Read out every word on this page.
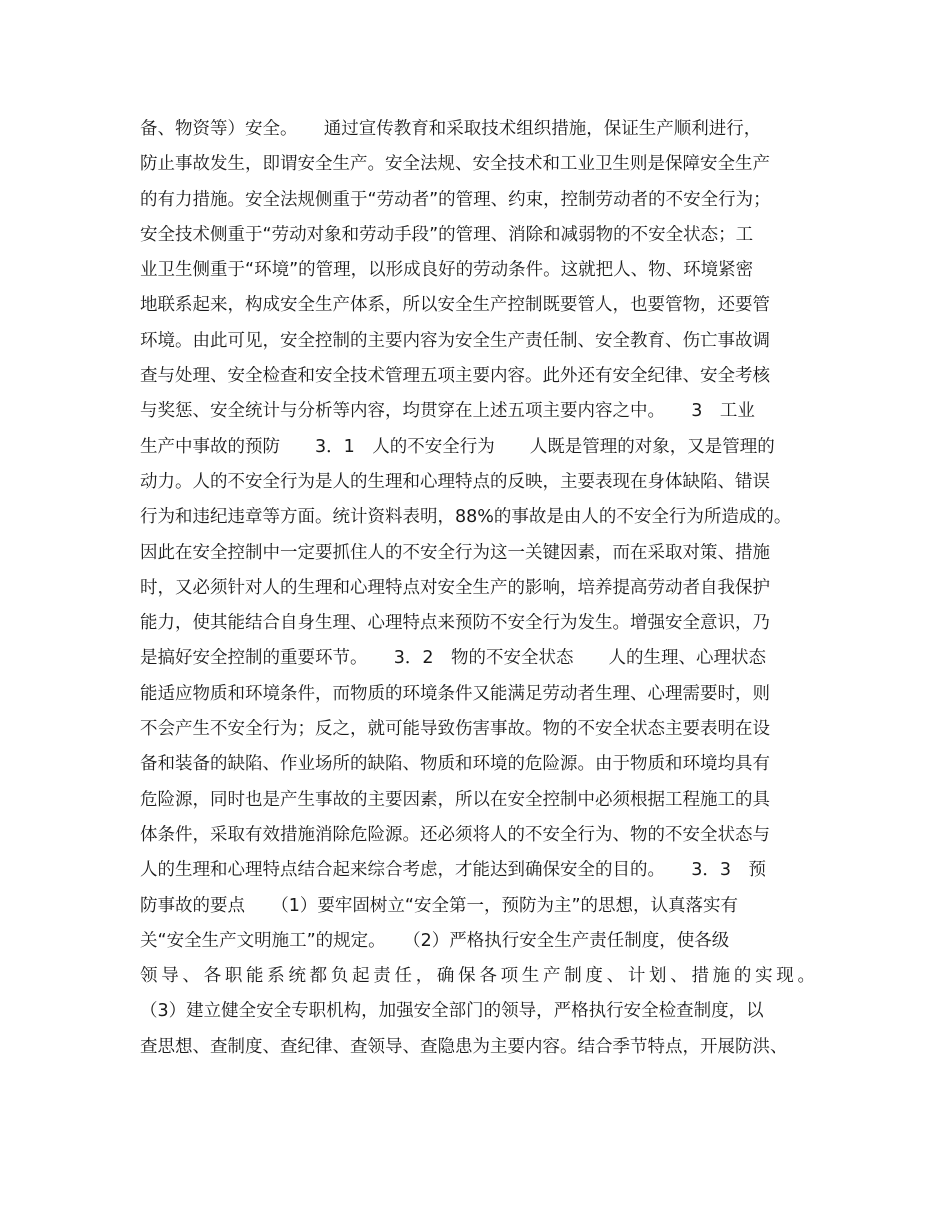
备、物资等）安全。　　通过宣传教育和采取技术组织措施，保证生产顺利进行，
防止事故发生，即谓安全生产。安全法规、安全技术和工业卫生则是保障安全生产
的有力措施。安全法规侧重于“劳动者”的管理、约束，控制劳动者的不安全行为；
安全技术侧重于“劳动对象和劳动手段”的管理、消除和减弱物的不安全状态；工
业卫生侧重于“环境”的管理，以形成良好的劳动条件。这就把人、物、环境紧密
地联系起来，构成安全生产体系，所以安全生产控制既要管人，也要管物，还要管
环境。由此可见，安全控制的主要内容为安全生产责任制、安全教育、伤亡事故调
查与处理、安全检查和安全技术管理五项主要内容。此外还有安全纪律、安全考核
与奖惩、安全统计与分析等内容，均贯穿在上述五项主要内容之中。　　3　工业
生产中事故的预防　　3．1　人的不安全行为　　人既是管理的对象，又是管理的
动力。人的不安全行为是人的生理和心理特点的反映，主要表现在身体缺陷、错误
行为和违纪违章等方面。统计资料表明，88%的事故是由人的不安全行为所造成的。
因此在安全控制中一定要抓住人的不安全行为这一关键因素，而在采取对策、措施
时，又必须针对人的生理和心理特点对安全生产的影响，培养提高劳动者自我保护
能力，使其能结合自身生理、心理特点来预防不安全行为发生。增强安全意识，乃
是搞好安全控制的重要环节。　　3．2　物的不安全状态　　人的生理、心理状态
能适应物质和环境条件，而物质的环境条件又能满足劳动者生理、心理需要时，则
不会产生不安全行为；反之，就可能导致伤害事故。物的不安全状态主要表明在设
备和装备的缺陷、作业场所的缺陷、物质和环境的危险源。由于物质和环境均具有
危险源，同时也是产生事故的主要因素，所以在安全控制中必须根据工程施工的具
体条件，采取有效措施消除危险源。还必须将人的不安全行为、物的不安全状态与
人的生理和心理特点结合起来综合考虑，才能达到确保安全的目的。　　3．3　预
防事故的要点　　（1）要牢固树立“安全第一，预防为主”的思想，认真落实有
关“安全生产文明施工”的规定。　　（2）严格执行安全生产责任制度，使各级
领导、各职能系统都负起责任，确保各项生产制度、计划、措施的实现。
（3）建立健全安全专职机构，加强安全部门的领导，严格执行安全检查制度，以
查思想、查制度、查纪律、查领导、查隐患为主要内容。结合季节特点，开展防洪、
